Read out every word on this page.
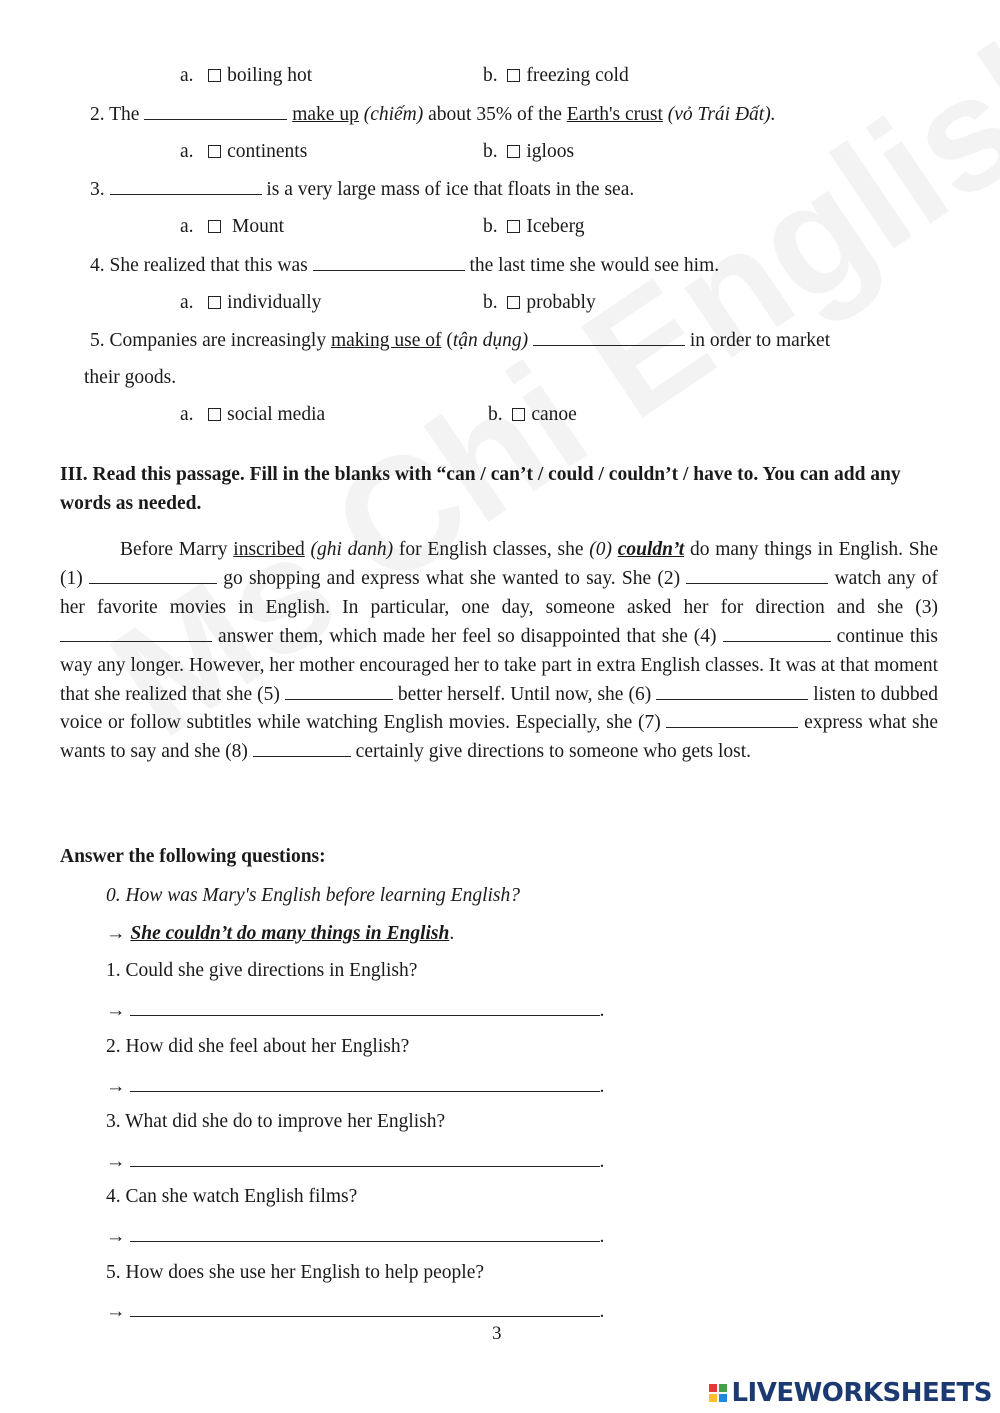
a. boiling hot	b. freezing cold
2. The	make up (chiếm) about 35% of the Earth's crust (vỏ Trái Đất).
a. continents	b. igloos
3.	is a very large mass of ice that floats in the sea.
a. Mount	b. Iceberg
4. She realized that this was	the last time she would see him.
a. individually	b. probably
5. Companies are increasingly making use of (tận dụng)	in order to market
their goods.
a. social media	b. canoe
III. Read this passage. Fill in the blanks with “can / can’t / could / couldn’t / have to. You can add any words as needed.
Before Marry inscribed (ghi danh) for English classes, she (0) couldn’t do many things in English. She (1)	go shopping and express what she wanted to say. She (2)	watch any of her favorite movies in English. In particular, one day, someone asked her for direction and she (3)  answer them, which made her feel so disappointed that she (4)	continue this way any longer. However, her mother encouraged her to take part in extra English classes. It was at that moment that she realized that she (5)	better herself. Until now, she (6)	listen to dubbed voice or follow subtitles while watching English movies. Especially, she (7)	express what she wants to say and she (8)	certainly give directions to someone who gets lost.
Answer the following questions:
0. How was Mary's English before learning English?
→ She couldn’t do many things in English.
1. Could she give directions in English?
→	.
2. How did she feel about her English?
→	.
3. What did she do to improve her English?
→	.
4. Can she watch English films?
→	.
5. How does she use her English to help people?
→	.
3
LIVEWORKSHEETS
